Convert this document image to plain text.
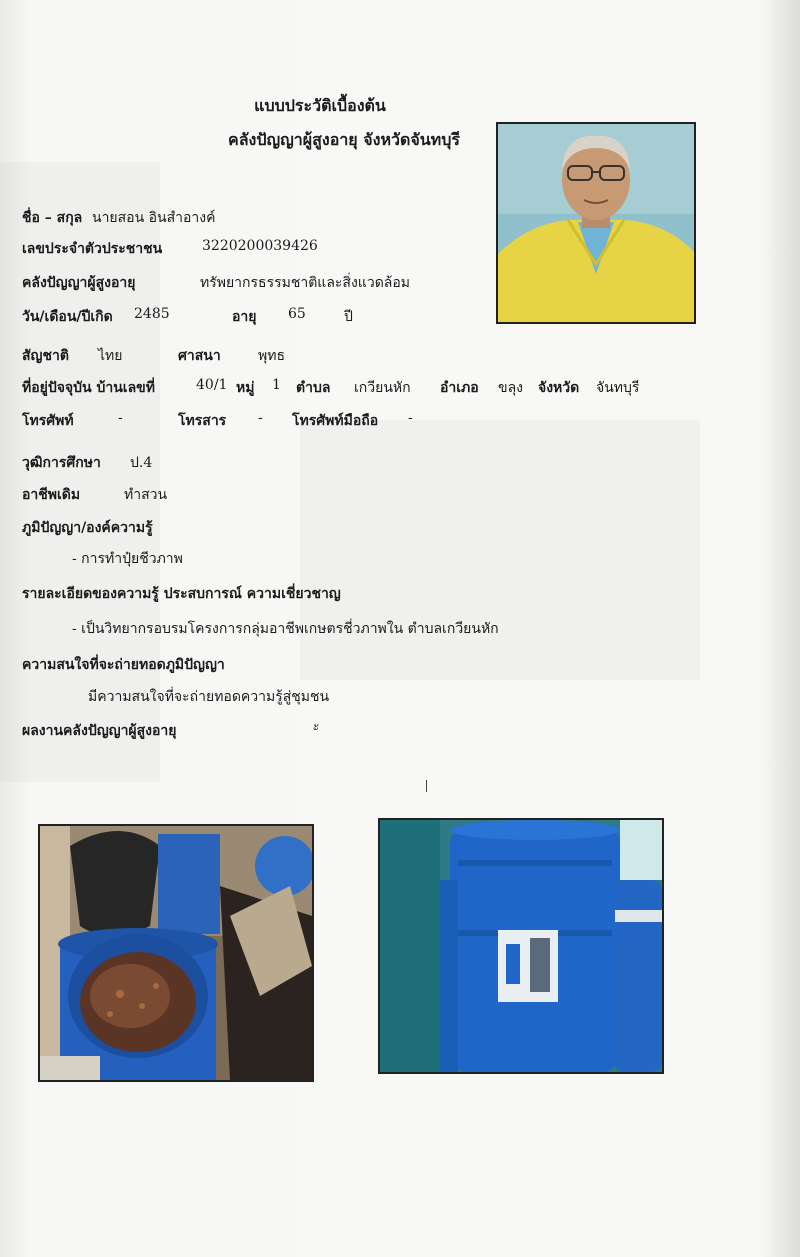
แบบประวัติเบื้องต้น
คลังปัญญาผู้สูงอายุ จังหวัดจันทบุรี
ชื่อ – สกุล นายสอน อินสำอางค์
เลขประจำตัวประชาชน	3220200039426
คลังปัญญาผู้สูงอายุ	ทรัพยากรธรรมชาติและสิ่งแวดล้อม
วัน/เดือน/ปีเกิด 2485	อายุ 65	ปี
สัญชาติ ไทย	ศาสนา	พุทธ
ที่อยู่ปัจจุบัน บ้านเลขที่	40/1 หมู่ 1 ตำบล เกวียนหัก อำเภอ ขลุง จังหวัด จันทบุรี
โทรศัพท์	-	โทรสาร - โทรศัพท์มือถือ -
วุฒิการศึกษา ป.4
อาชีพเดิม	ทำสวน
ภูมิปัญญา/องค์ความรู้
- การทำปุ๋ยชีวภาพ
รายละเอียดของความรู้ ประสบการณ์ ความเชี่ยวชาญ
- เป็นวิทยากรอบรมโครงการกลุ่มอาชีพเกษตรชี่วภาพใน ตำบลเกวียนหัก
ความสนใจที่จะถ่ายทอดภูมิปัญญา
มีความสนใจที่จะถ่ายทอดความรู้สู่ชุมชน
ผลงานคลังปัญญาผู้สูงอายุ
